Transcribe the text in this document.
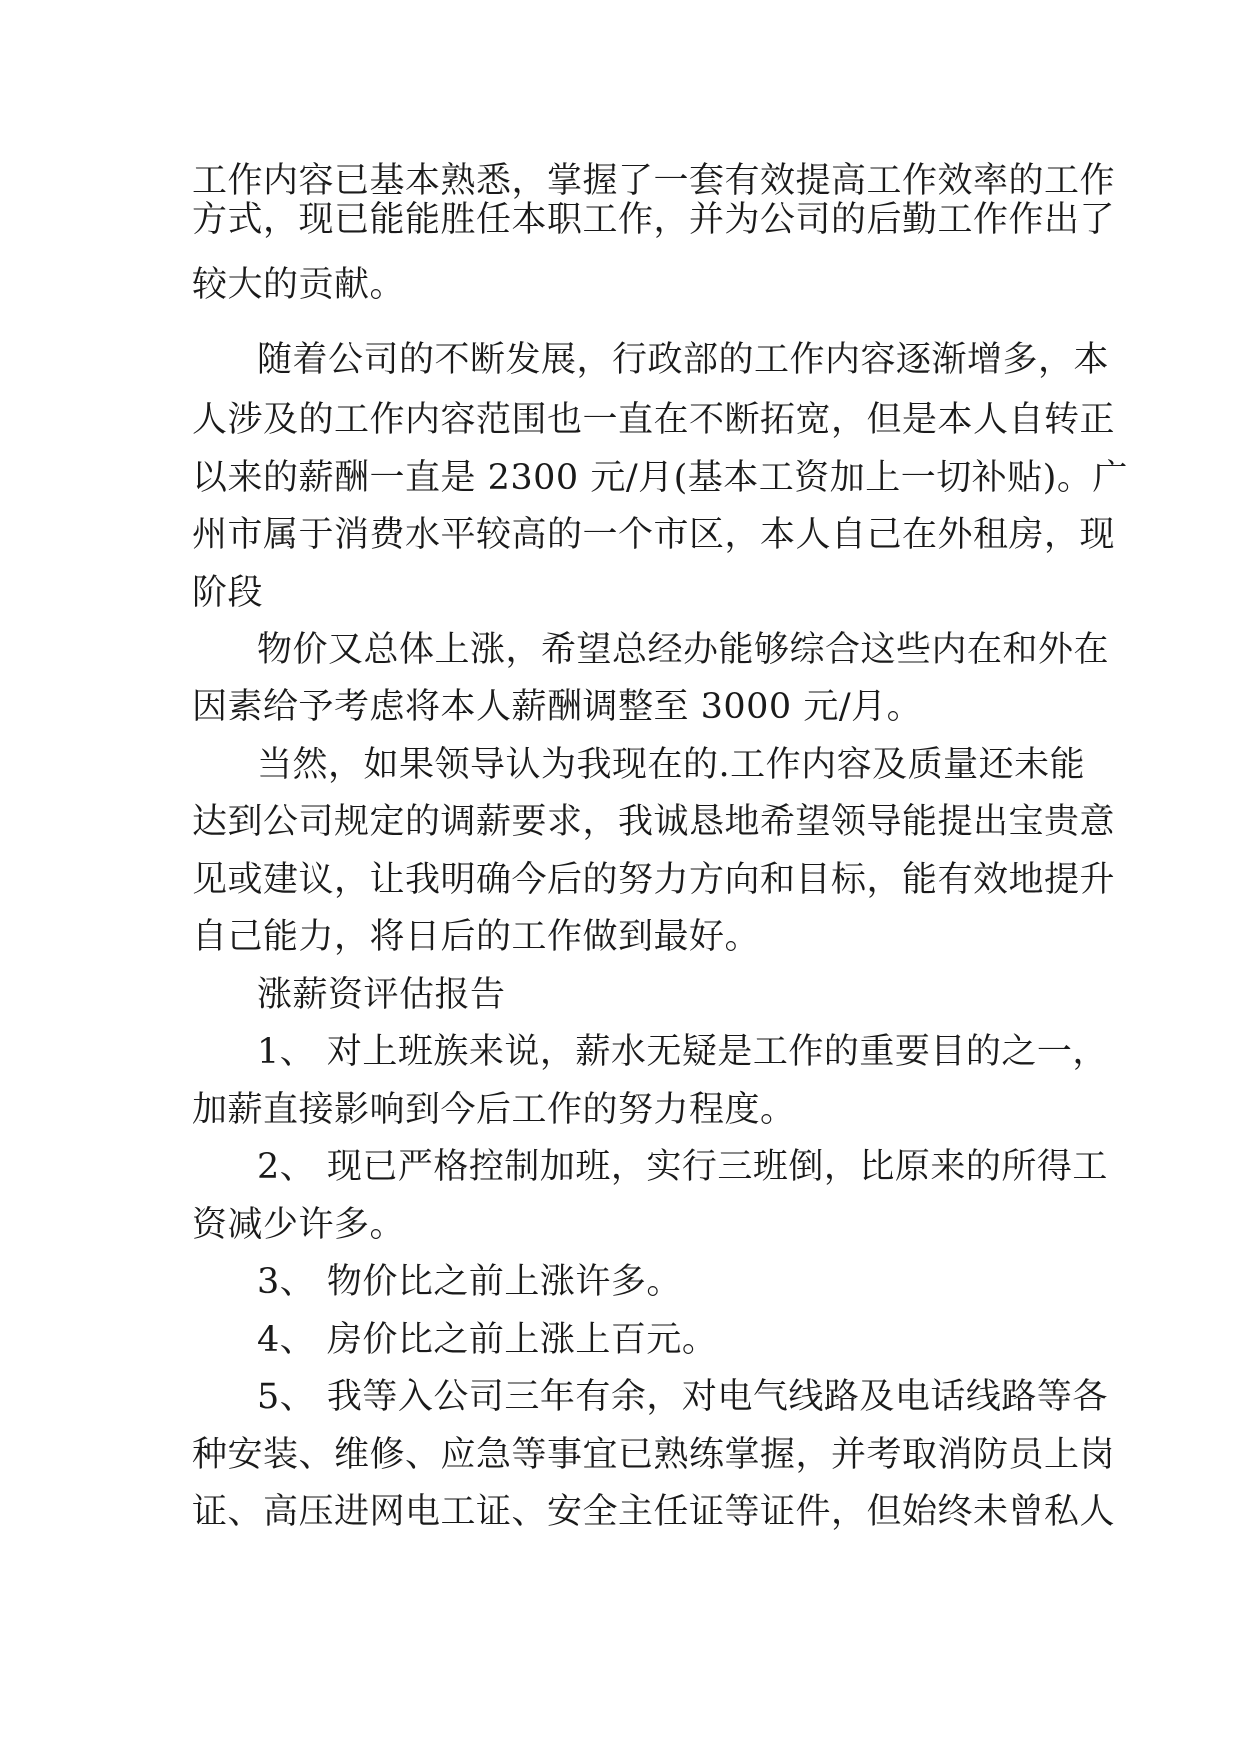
工作内容已基本熟悉，掌握了一套有效提高工作效率的工作
方式，现已能能胜任本职工作，并为公司的后勤工作作出了
较大的贡献。
随着公司的不断发展，行政部的工作内容逐渐增多，本
人涉及的工作内容范围也一直在不断拓宽，但是本人自转正
以来的薪酬一直是 2300 元/月(基本工资加上一切补贴)。广
州市属于消费水平较高的一个市区，本人自己在外租房，现
阶段
物价又总体上涨，希望总经办能够综合这些内在和外在
因素给予考虑将本人薪酬调整至 3000 元/月。
当然，如果领导认为我现在的.工作内容及质量还未能
达到公司规定的调薪要求，我诚恳地希望领导能提出宝贵意
见或建议，让我明确今后的努力方向和目标，能有效地提升
自己能力，将日后的工作做到最好。
涨薪资评估报告
1、 对上班族来说，薪水无疑是工作的重要目的之一，
加薪直接影响到今后工作的努力程度。
2、 现已严格控制加班，实行三班倒，比原来的所得工
资减少许多。
3、 物价比之前上涨许多。
4、 房价比之前上涨上百元。
5、 我等入公司三年有余，对电气线路及电话线路等各
种安装、维修、应急等事宜已熟练掌握，并考取消防员上岗
证、高压进网电工证、安全主任证等证件，但始终未曾私人
